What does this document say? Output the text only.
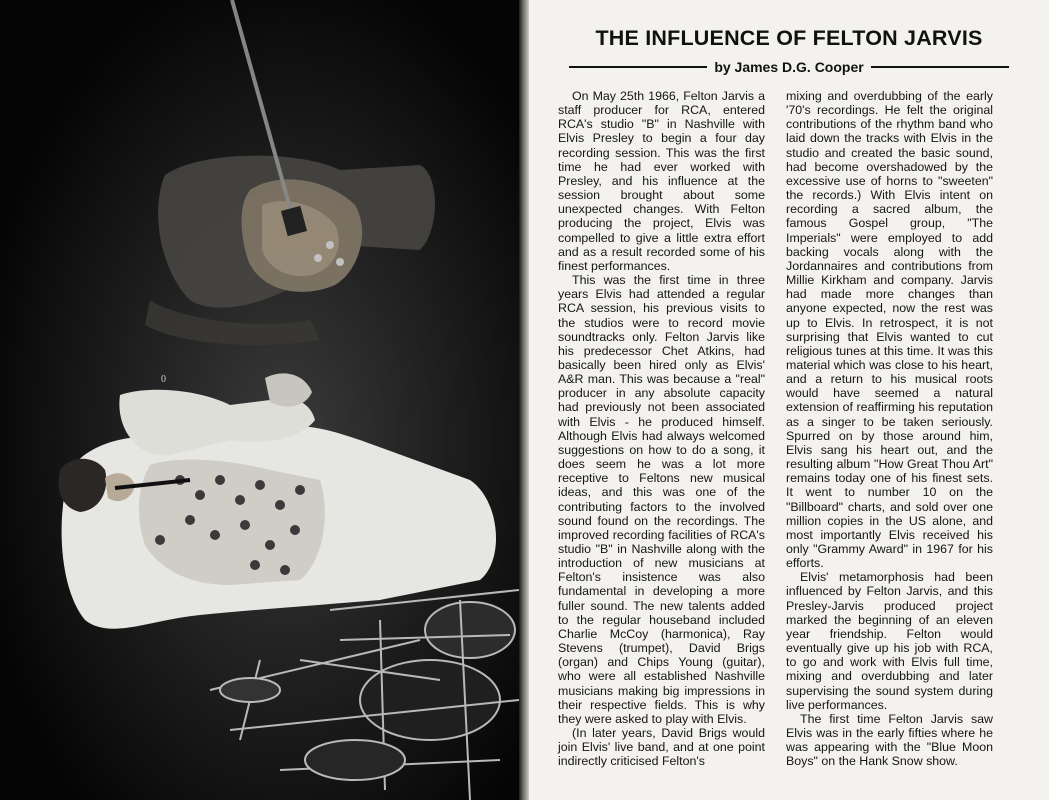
0
THE INFLUENCE OF FELTON JARVIS
by James D.G. Cooper

On May 25th 1966, Felton Jarvis a staff producer for RCA, entered RCA's studio "B" in Nashville with Elvis Presley to begin a four day recording session. This was the first time he had ever worked with Presley, and his influence at the session brought about some unexpected changes. With Felton producing the project, Elvis was compelled to give a little extra effort and as a result recorded some of his finest performances.

This was the first time in three years Elvis had attended a regular RCA session, his previous visits to the studios were to record movie soundtracks only. Felton Jarvis like his predecessor Chet Atkins, had basically been hired only as Elvis' A&R man. This was because a "real" producer in any absolute capacity had previously not been associated with Elvis - he produced himself. Although Elvis had always welcomed suggestions on how to do a song, it does seem he was a lot more receptive to Feltons new musical ideas, and this was one of the contributing factors to the involved sound found on the recordings. The improved recording facilities of RCA's studio "B" in Nashville along with the introduction of new musicians at Felton's insistence was also fundamental in developing a more fuller sound. The new talents added to the regular houseband included Charlie McCoy (harmonica), Ray Stevens (trumpet), David Brigs (organ) and Chips Young (guitar), who were all established Nashville musicians making big impressions in their respective fields. This is why they were asked to play with Elvis.

(In later years, David Brigs would join Elvis' live band, and at one point indirectly criticised Felton's

mixing and overdubbing of the early '70's recordings. He felt the original contributions of the rhythm band who laid down the tracks with Elvis in the studio and created the basic sound, had become overshadowed by the excessive use of horns to "sweeten" the records.) With Elvis intent on recording a sacred album, the famous Gospel group, "The Imperials" were employed to add backing vocals along with the Jordannaires and contributions from Millie Kirkham and company. Jarvis had made more changes than anyone expected, now the rest was up to Elvis. In retrospect, it is not surprising that Elvis wanted to cut religious tunes at this time. It was this material which was close to his heart, and a return to his musical roots would have seemed a natural extension of reaffirming his reputation as a singer to be taken seriously. Spurred on by those around him, Elvis sang his heart out, and the resulting album "How Great Thou Art" remains today one of his finest sets. It went to number 10 on the "Billboard" charts, and sold over one million copies in the US alone, and most importantly Elvis received his only "Grammy Award" in 1967 for his efforts.

Elvis' metamorphosis had been influenced by Felton Jarvis, and this Presley-Jarvis produced project marked the beginning of an eleven year friendship. Felton would eventually give up his job with RCA, to go and work with Elvis full time, mixing and overdubbing and later supervising the sound system during live performances.

The first time Felton Jarvis saw Elvis was in the early fifties where he was appearing with the "Blue Moon Boys" on the Hank Snow show.
